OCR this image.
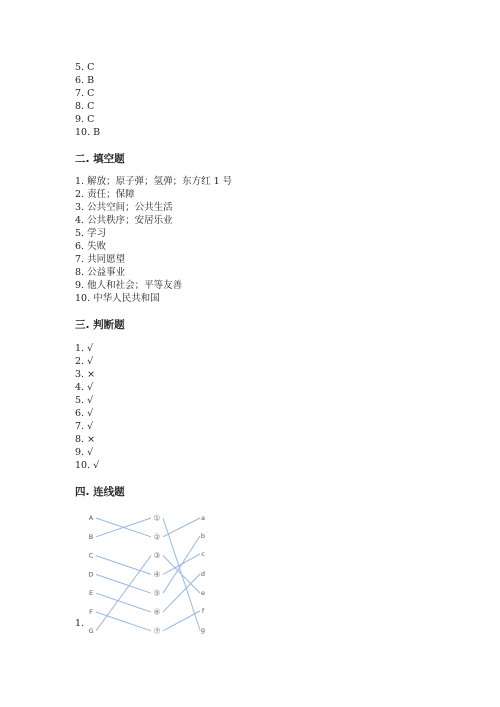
5. C
6. B
7. C
8. C
9. C
10. B
二. 填空题
1. 解放；原子弹；氢弹；东方红 1 号
2. 责任；保障
3. 公共空间；公共生活
4. 公共秩序；安居乐业
5. 学习
6. 失败
7. 共同愿望
8. 公益事业
9. 他人和社会；平等友善
10. 中华人民共和国
三. 判断题
1. √
2. √
3. ×
4. √
5. √
6. √
7. √
8. ×
9. √
10. √
四. 连线题
1.
A
B
C
D
E
F
G
①
②
③
④
⑤
⑥
⑦
a
b
c
d
e
f
g
